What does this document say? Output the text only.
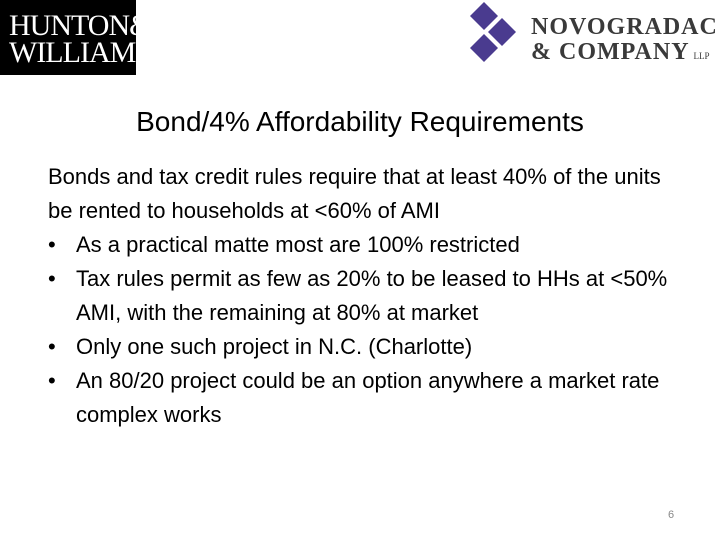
HUNTON&
WILLIAMS
NOVOGRADAC
& COMPANY LLP
Bond/4% Affordability Requirements

Bonds and tax credit rules require that at least 40% of the units be rented to households at <60% of AMI

• As a practical matte most are 100% restricted
• Tax rules permit as few as 20% to be leased to HHs at <50% AMI, with the remaining at 80% at market
• Only one such project in N.C. (Charlotte)
• An 80/20 project could be an option anywhere a market rate complex works
6
